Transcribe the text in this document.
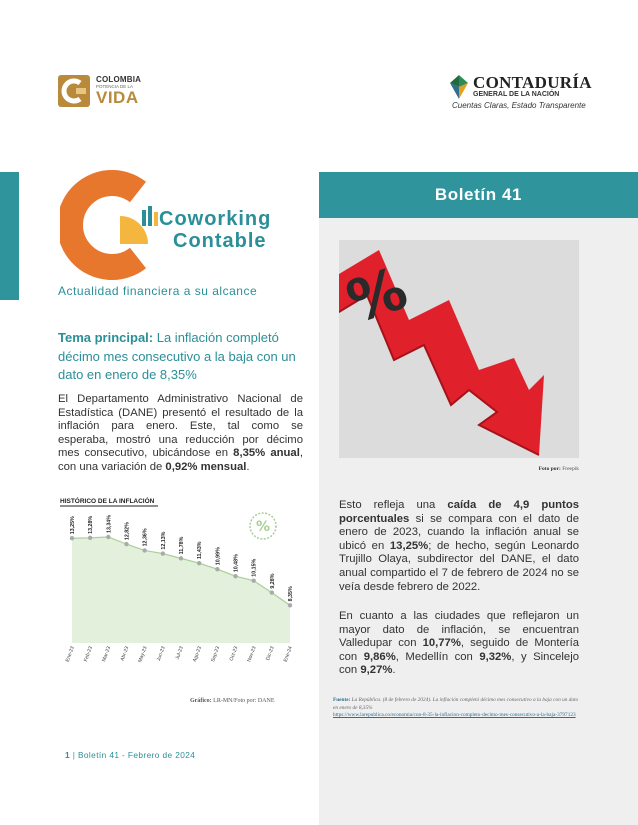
COLOMBIA
POTENCIA DE LA
VIDA
CONTADURÍA
GENERAL DE LA NACIÓN
Cuentas Claras, Estado Transparente
Coworking
Contable
Actualidad financiera a su alcance
Boletín 41
%
Foto por: Freepik
Esto refleja una caída de 4,9 puntos porcentuales si se compara con el dato de enero de 2023, cuando la inflación anual se ubicó en 13,25%; de hecho, según Leonardo Trujillo Olaya, subdirector del DANE, el dato anual compartido el 7 de febrero de 2024 no se veía desde febrero de 2022.
En cuanto a las ciudades que reflejaron un mayor dato de inflación, se encuentran Valledupar con 10,77%, seguido de Montería con 9,86%, Medellín con 9,32%, y Sincelejo con 9,27%.
Fuente: La República. (8 de febrero de 2024). La inflación completó décimo mes consecutivo a la baja con un dato en enero de 8,35%
https://www.larepublica.co/economia/con-8-35-la-inflacion-completo-decimo-mes-consecutivo-a-la-baja-3797123
Tema principal: La inflación completó décimo mes consecutivo a la baja con un dato en enero de 8,35%
El Departamento Administrativo Nacional de Estadística (DANE) presentó el resultado de la inflación para enero. Este, tal como se esperaba, mostró una reducción por décimo mes consecutivo, ubicándose en 8,35% anual, con una variación de 0,92% mensual.
HISTÓRICO DE LA INFLACIÓN
%
13,25%
Ene-23
13,28%
Feb-23
13,34%
Mar-23
12,82%
Abr-23
12,36%
May-23
12,13%
Jun-23
11,78%
Jul-23
11,43%
Ago-23
10,99%
Sep-23
10,48%
Oct-23
10,15%
Nov-23
9,28%
Dic-23
8,35%
Ene-24
Gráfico: LR-MN/Foto por: DANE
1 | Boletín 41 - Febrero de 2024
